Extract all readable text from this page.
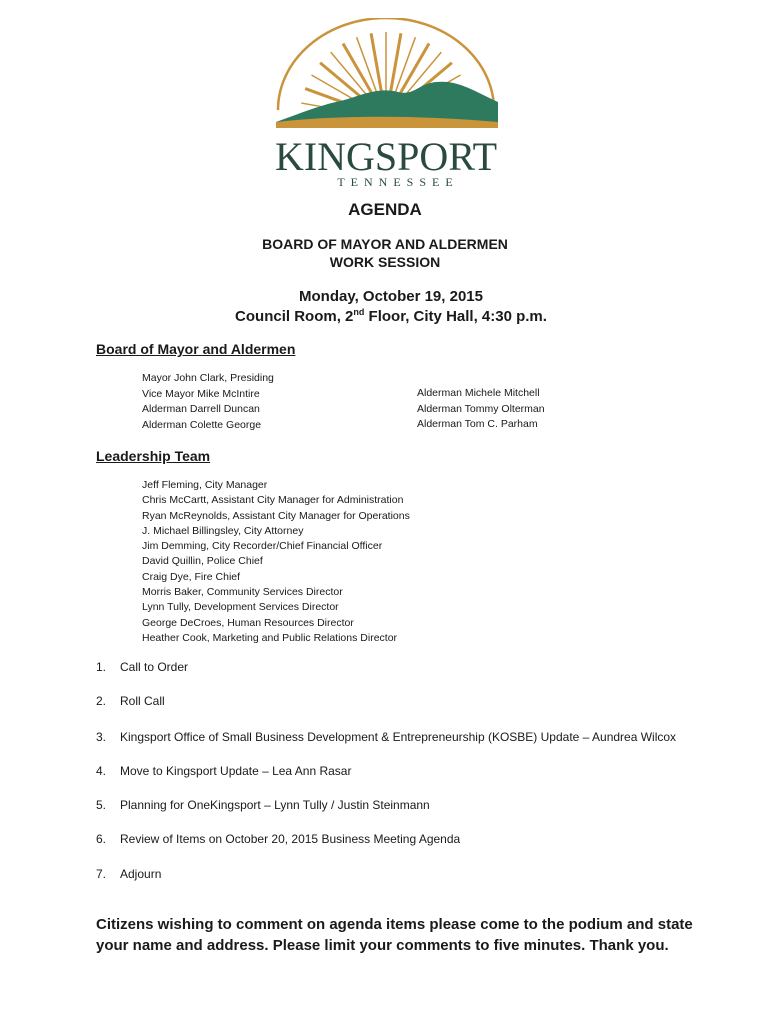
KINGSPORT
TENNESSEE
AGENDA
BOARD OF MAYOR AND ALDERMEN
WORK SESSION
Monday, October 19, 2015
Council Room, 2nd Floor, City Hall, 4:30 p.m.
Board of Mayor and Aldermen
Mayor John Clark, Presiding
Vice Mayor Mike McIntire
Alderman Darrell Duncan
Alderman Colette George
Alderman Michele Mitchell
Alderman Tommy Olterman
Alderman Tom C. Parham
Leadership Team
Jeff Fleming, City Manager
Chris McCartt, Assistant City Manager for Administration
Ryan McReynolds, Assistant City Manager for Operations
J. Michael Billingsley, City Attorney
Jim Demming, City Recorder/Chief Financial Officer
David Quillin, Police Chief
Craig Dye, Fire Chief
Morris Baker, Community Services Director
Lynn Tully, Development Services Director
George DeCroes, Human Resources Director
Heather Cook, Marketing and Public Relations Director
1. Call to Order
2. Roll Call
3. Kingsport Office of Small Business Development & Entrepreneurship (KOSBE) Update – Aundrea Wilcox
4. Move to Kingsport Update – Lea Ann Rasar
5. Planning for OneKingsport – Lynn Tully / Justin Steinmann
6. Review of Items on October 20, 2015 Business Meeting Agenda
7. Adjourn
Citizens wishing to comment on agenda items please come to the podium and state your name and address. Please limit your comments to five minutes. Thank you.
